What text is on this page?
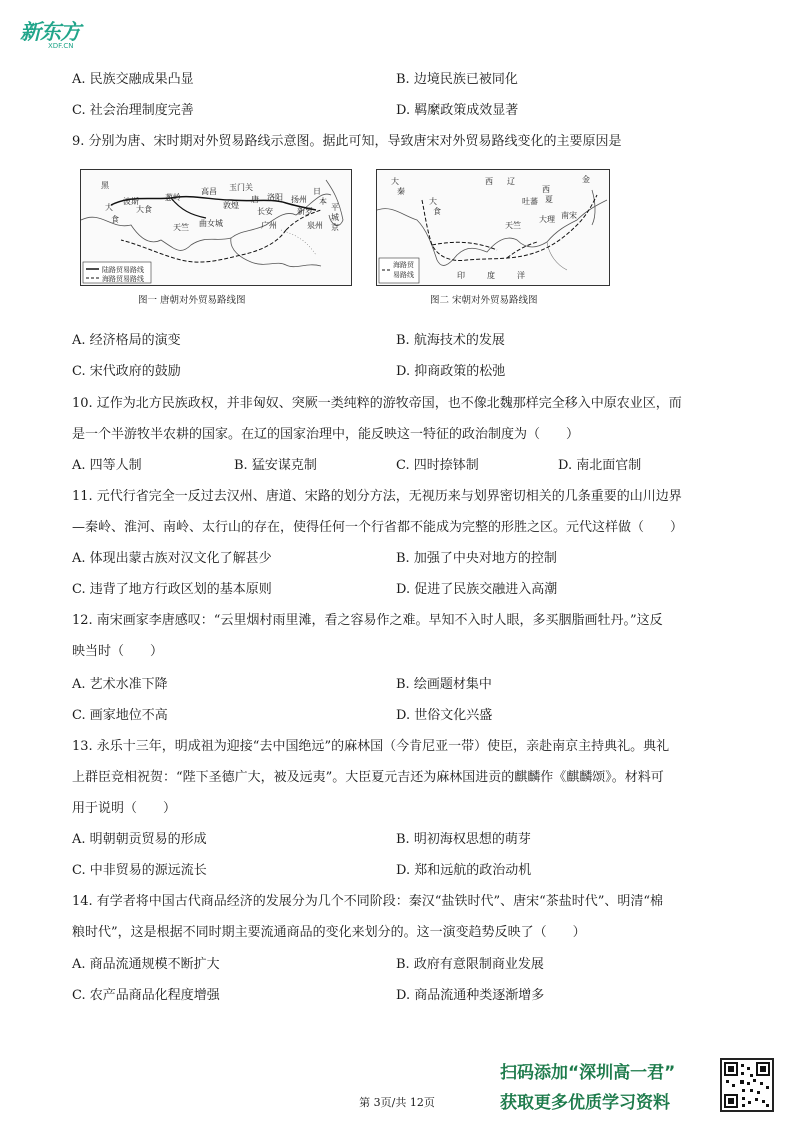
新东方
XDF.CN
A. 民族交融成果凸显	B. 边境民族已被同化
C. 社会治理制度完善	D. 羁縻政策成效显著
9. 分别为唐、宋时期对外贸易路线示意图。据此可知，导致唐宋对外贸易路线变化的主要原因是
黑
大
食
波斯
大食
天竺
葱岭
高昌 玉门关
敦煌
唐 洛阳 扬州
长安
广州
曲女城
日
本
平
城
京
新罗
泉州
陆路贸易路线
海路贸易路线
图一 唐朝对外贸易路线图
大
秦
大
食
西 辽
西
夏
金
吐蕃
天竺
大理 南宋
印	度	洋
海路贸
易路线
图二 宋朝对外贸易路线图
A. 经济格局的演变	B. 航海技术的发展
C. 宋代政府的鼓励	D. 抑商政策的松弛
10. 辽作为北方民族政权，并非匈奴、突厥一类纯粹的游牧帝国，也不像北魏那样完全移入中原农业区，而
是一个半游牧半农耕的国家。在辽的国家治理中，能反映这一特征的政治制度为（　　）
A. 四等人制	B. 猛安谋克制	C. 四时捺钵制	D. 南北面官制
11. 元代行省完全一反过去汉州、唐道、宋路的划分方法，无视历来与划界密切相关的几条重要的山川边界
—秦岭、淮河、南岭、太行山的存在，使得任何一个行省都不能成为完整的形胜之区。元代这样做（　　）
A. 体现出蒙古族对汉文化了解甚少	B. 加强了中央对地方的控制
C. 违背了地方行政区划的基本原则	D. 促进了民族交融进入高潮
12. 南宋画家李唐感叹：“云里烟村雨里滩，看之容易作之难。早知不入时人眼，多买胭脂画牡丹。”这反
映当时（　　）
A. 艺术水准下降	B. 绘画题材集中
C. 画家地位不高	D. 世俗文化兴盛
13. 永乐十三年，明成祖为迎接“去中国绝远”的麻林国（今肯尼亚一带）使臣，亲赴南京主持典礼。典礼
上群臣竞相祝贺：“陛下圣德广大，被及远夷”。大臣夏元吉还为麻林国进贡的麒麟作《麒麟颂》。材料可
用于说明（　　）
A. 明朝朝贡贸易的形成	B. 明初海权思想的萌芽
C. 中非贸易的源远流长	D. 郑和远航的政治动机
14. 有学者将中国古代商品经济的发展分为几个不同阶段：秦汉“盐铁时代”、唐宋“茶盐时代”、明清“棉
粮时代”，这是根据不同时期主要流通商品的变化来划分的。这一演变趋势反映了（　　）
A. 商品流通规模不断扩大	B. 政府有意限制商业发展
C. 农产品商品化程度增强	D. 商品流通种类逐渐增多
扫码添加“深圳高一君”
获取更多优质学习资料
第 3页/共 12页
